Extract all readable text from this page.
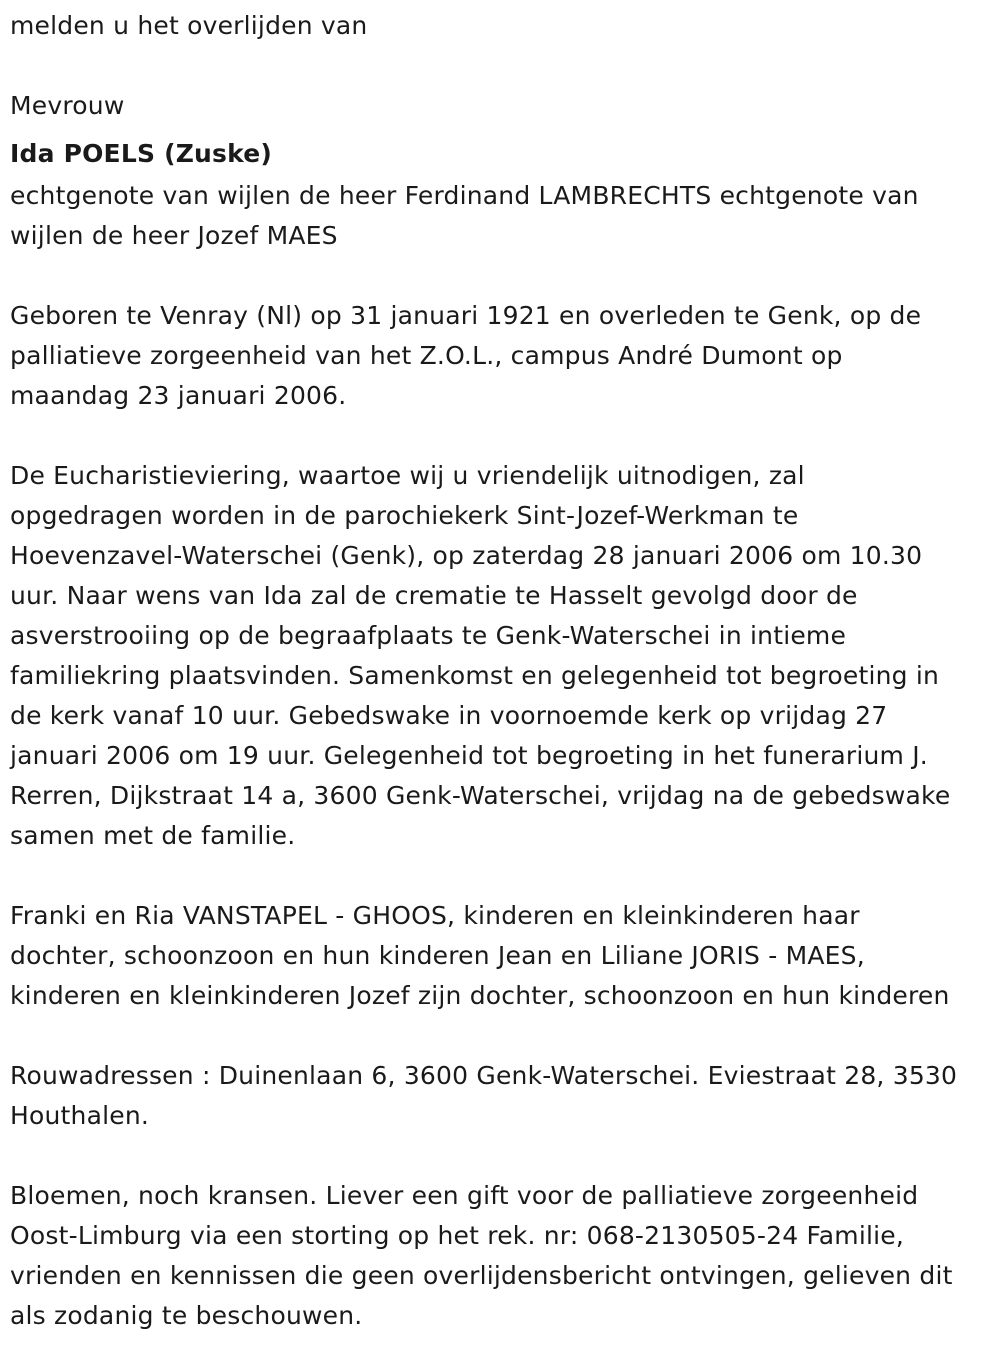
melden u het overlijden van

Mevrouw

Ida POELS (Zuske)

echtgenote van wijlen de heer Ferdinand LAMBRECHTS echtgenote van
wijlen de heer Jozef MAES

Geboren te Venray (Nl) op 31 januari 1921 en overleden te Genk, op de
palliatieve zorgeenheid van het Z.O.L., campus André Dumont op
maandag 23 januari 2006.

De Eucharistieviering, waartoe wij u vriendelijk uitnodigen, zal
opgedragen worden in de parochiekerk Sint-Jozef-Werkman te
Hoevenzavel-Waterschei (Genk), op zaterdag 28 januari 2006 om 10.30
uur. Naar wens van Ida zal de crematie te Hasselt gevolgd door de
asverstrooiing op de begraafplaats te Genk-Waterschei in intieme
familiekring plaatsvinden. Samenkomst en gelegenheid tot begroeting in
de kerk vanaf 10 uur. Gebedswake in voornoemde kerk op vrijdag 27
januari 2006 om 19 uur. Gelegenheid tot begroeting in het funerarium J.
Rerren, Dijkstraat 14 a, 3600 Genk-Waterschei, vrijdag na de gebedswake
samen met de familie.

Franki en Ria VANSTAPEL - GHOOS, kinderen en kleinkinderen haar
dochter, schoonzoon en hun kinderen Jean en Liliane JORIS - MAES,
kinderen en kleinkinderen Jozef zijn dochter, schoonzoon en hun kinderen

Rouwadressen : Duinenlaan 6, 3600 Genk-Waterschei. Eviestraat 28, 3530
Houthalen.

Bloemen, noch kransen. Liever een gift voor de palliatieve zorgeenheid
Oost-Limburg via een storting op het rek. nr: 068-2130505-24 Familie,
vrienden en kennissen die geen overlijdensbericht ontvingen, gelieven dit
als zodanig te beschouwen.
